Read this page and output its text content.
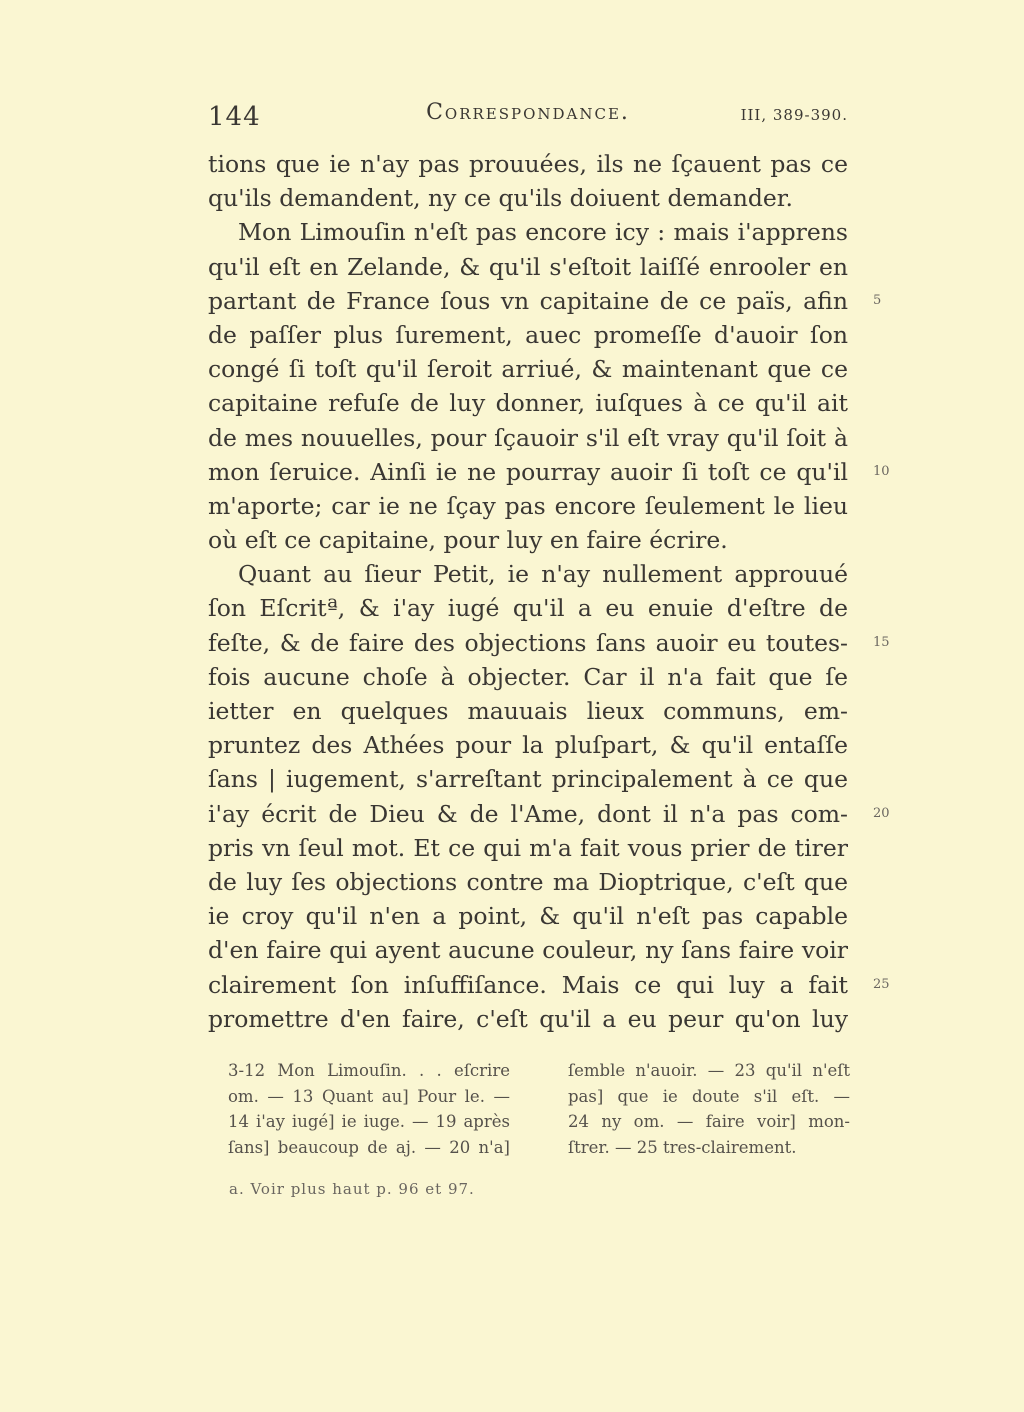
144	Correspondance.	III, 389-390.
tions que ie n'ay pas prouuées, ils ne ſçauent pas ce
qu'ils demandent, ny ce qu'ils doiuent demander.
Mon Limouſin n'eſt pas encore icy : mais i'apprens
qu'il eſt en Zelande, & qu'il s'eſtoit laiſſé enrooler en
partant de France ſous vn capitaine de ce païs, afin 5
de paſſer plus ſurement, auec promeſſe d'auoir ſon
congé ſi toſt qu'il ſeroit arriué, & maintenant que ce
capitaine refuſe de luy donner, iuſques à ce qu'il ait
de mes nouuelles, pour ſçauoir s'il eſt vray qu'il ſoit à
mon ſeruice. Ainſi ie ne pourray auoir ſi toſt ce qu'il 10
m'aporte; car ie ne ſçay pas encore ſeulement le lieu
où eſt ce capitaine, pour luy en faire écrire.
Quant au ſieur Petit, ie n'ay nullement approuué
ſon Eſcritª, & i'ay iugé qu'il a eu enuie d'eſtre de
feſte, & de faire des objections ſans auoir eu toutes- 15
fois aucune choſe à objecter. Car il n'a fait que ſe
ietter en quelques mauuais lieux communs, em-
pruntez des Athées pour la pluſpart, & qu'il entaſſe
ſans | iugement, s'arreſtant principalement à ce que
i'ay écrit de Dieu & de l'Ame, dont il n'a pas com- 20
pris vn ſeul mot. Et ce qui m'a fait vous prier de tirer
de luy ſes objections contre ma Dioptrique, c'eſt que
ie croy qu'il n'en a point, & qu'il n'eſt pas capable
d'en faire qui ayent aucune couleur, ny ſans faire voir
clairement ſon inſuffiſance. Mais ce qui luy a fait 25
promettre d'en faire, c'eſt qu'il a eu peur qu'on luy
3-12 Mon Limouſin. . . eſcrire
om. — 13 Quant au] Pour le. —
14 i'ay iugé] ie iuge. — 19 après
ſans] beaucoup de aj. — 20 n'a]
ſemble n'auoir. — 23 qu'il n'eſt
pas] que ie doute s'il eſt. —
24 ny om. — faire voir] mon-
ſtrer. — 25 tres-clairement.
a. Voir plus haut p. 96 et 97.
